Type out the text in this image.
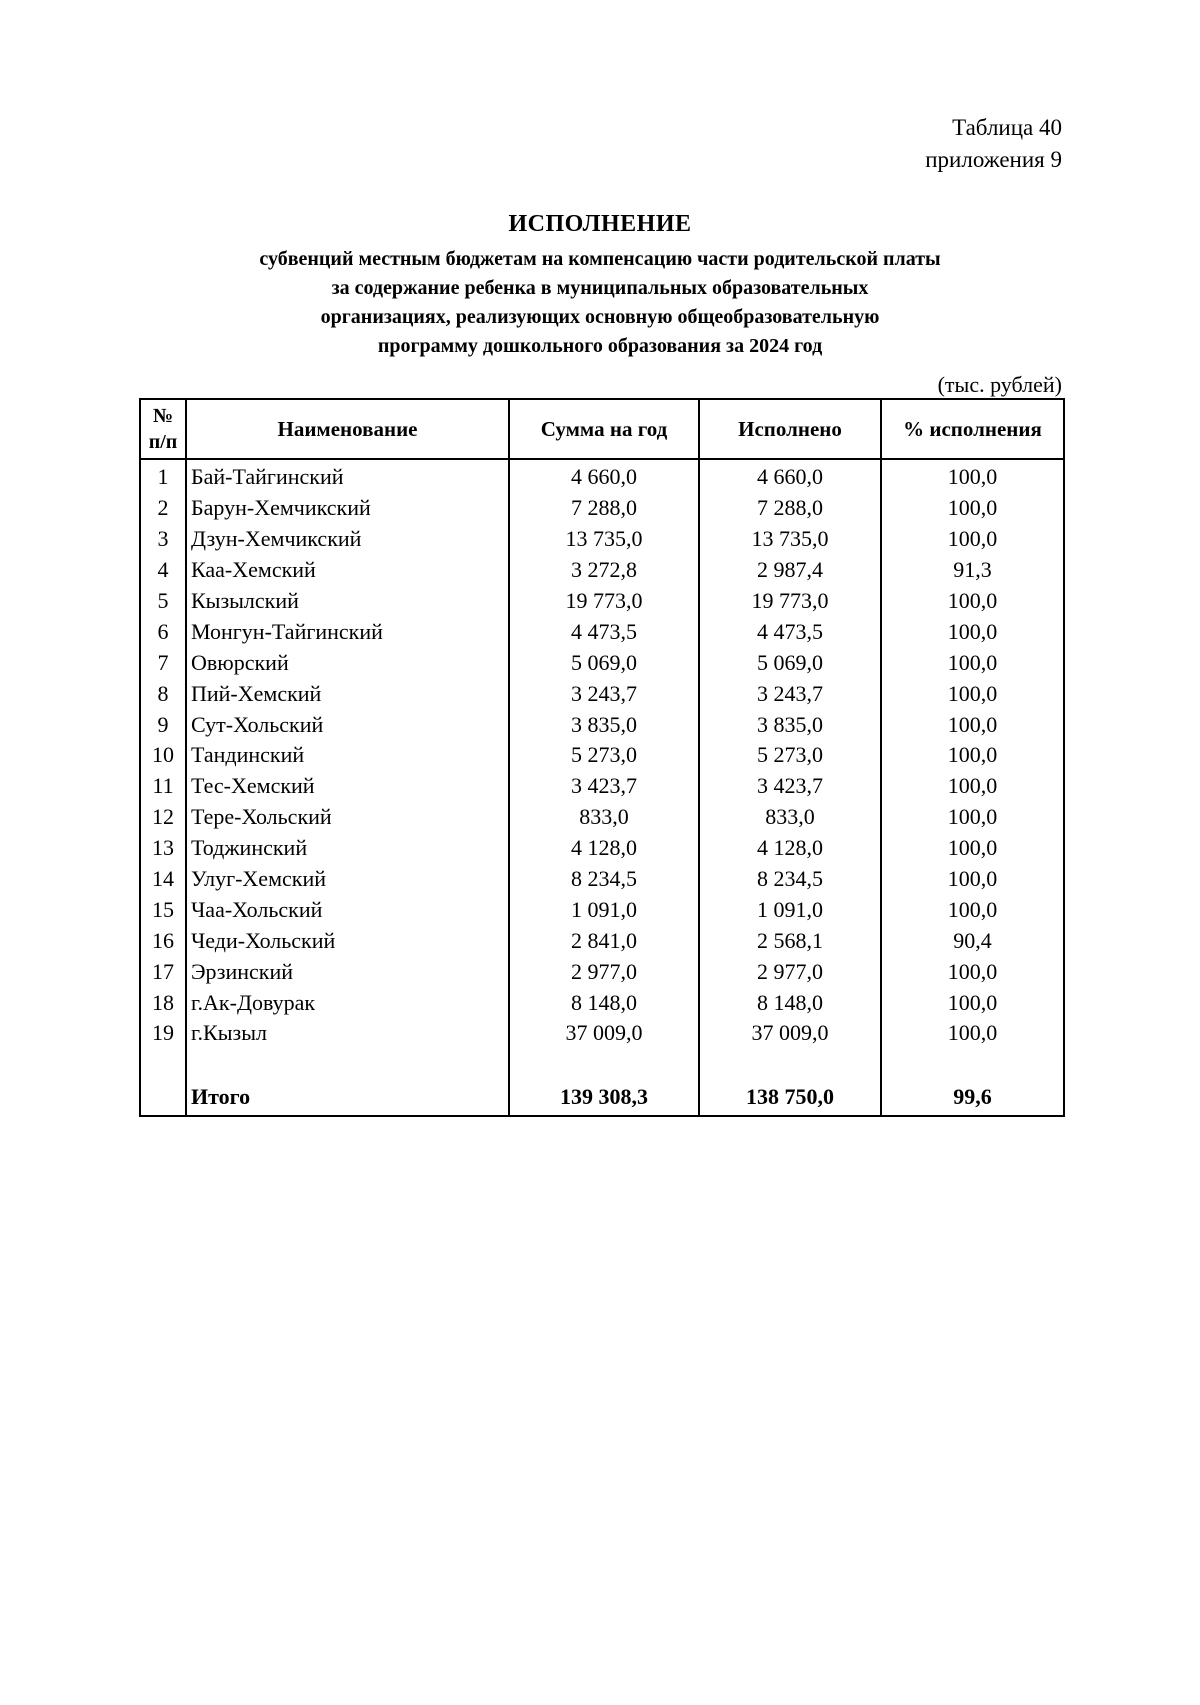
Таблица 40
приложения 9
ИСПОЛНЕНИЕ
субвенций местным бюджетам на компенсацию части родительской платы
за содержание ребенка в муниципальных образовательных
организациях, реализующих основную общеобразовательную
программу дошкольного образования за 2024 год
(тыс. рублей)
№
п/п	Наименование	Сумма на год	Исполнено	% исполнения
1	Бай-Тайгинский	4 660,0	4 660,0	100,0
2	Барун-Хемчикский	7 288,0	7 288,0	100,0
3	Дзун-Хемчикский	13 735,0	13 735,0	100,0
4	Каа-Хемский	3 272,8	2 987,4	91,3
5	Кызылский	19 773,0	19 773,0	100,0
6	Монгун-Тайгинский	4 473,5	4 473,5	100,0
7	Овюрский	5 069,0	5 069,0	100,0
8	Пий-Хемский	3 243,7	3 243,7	100,0
9	Сут-Хольский	3 835,0	3 835,0	100,0
10	Тандинский	5 273,0	5 273,0	100,0
11	Тес-Хемский	3 423,7	3 423,7	100,0
12	Тере-Хольский	833,0	833,0	100,0
13	Тоджинский	4 128,0	4 128,0	100,0
14	Улуг-Хемский	8 234,5	8 234,5	100,0
15	Чаа-Хольский	1 091,0	1 091,0	100,0
16	Чеди-Хольский	2 841,0	2 568,1	90,4
17	Эрзинский	2 977,0	2 977,0	100,0
18	г.Ак-Довурак	8 148,0	8 148,0	100,0
19	г.Кызыл	37 009,0	37 009,0	100,0

	Итого	139 308,3	138 750,0	99,6
